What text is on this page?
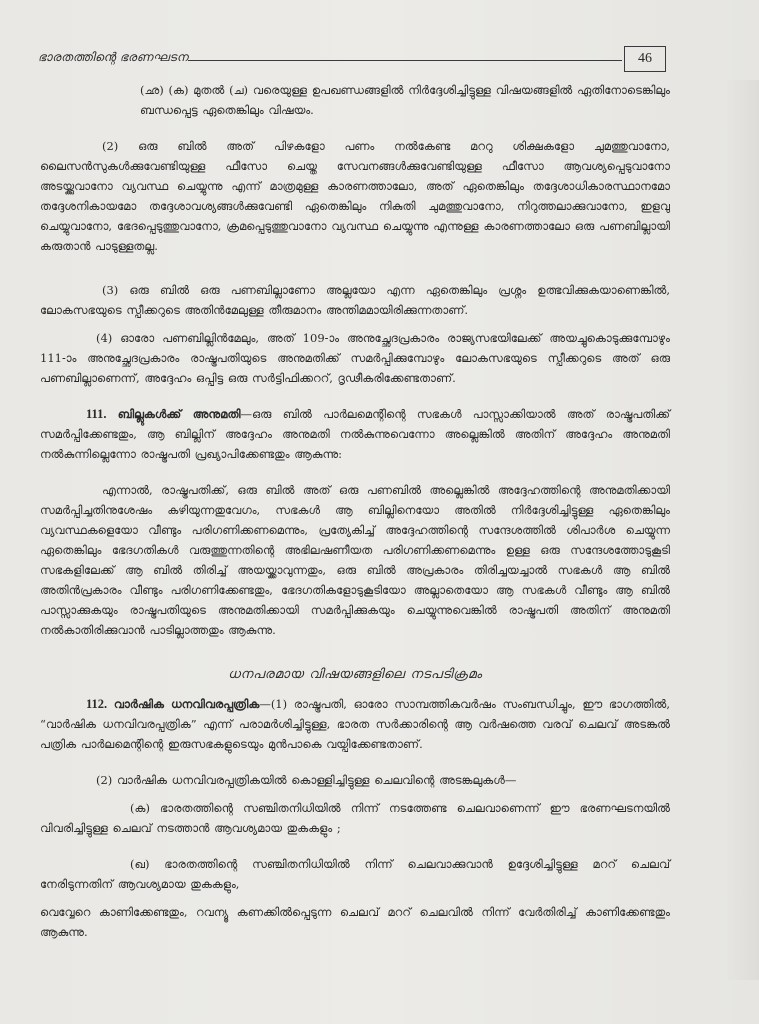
ഭാരതത്തിന്റെ ഭരണഘടന	46

(ഛ) (ക) മുതൽ (ച) വരെയുള്ള ഉപഖണ്ഡങ്ങളിൽ നിർദ്ദേശിച്ചിട്ടുള്ള വിഷയങ്ങളിൽ ഏതിനോടെങ്കിലും ബന്ധപ്പെട്ട ഏതെങ്കിലും വിഷയം.

(2) ഒരു ബിൽ അത് പിഴകളോ പണം നൽകേണ്ട മററു ശിക്ഷകളോ ചുമത്തുവാനോ, ലൈസൻസുകൾക്കുവേണ്ടിയുള്ള ഫീസോ ചെയ്ത സേവനങ്ങൾക്കുവേണ്ടിയുള്ള ഫീസോ ആവശ്യപ്പെടുവാനോ അടയ്ക്കുവാനോ വ്യവസ്ഥ ചെയ്യുന്നു എന്ന് മാത്രമുള്ള കാരണത്താലോ, അത് ഏതെങ്കിലും തദ്ദേശാധികാരസ്ഥാനമോ തദ്ദേശനികായമോ തദ്ദേശാവശ്യങ്ങൾക്കുവേണ്ടി ഏതെങ്കിലും നികുതി ചുമത്തുവാനോ, നിറുത്തലാക്കുവാനോ, ഇളവു ചെയ്യുവാനോ, ഭേദപ്പെടുത്തുവാനോ, ക്രമപ്പെടുത്തുവാനോ വ്യവസ്ഥ ചെയ്യുന്നു എന്നുള്ള കാരണത്താലോ ഒരു പണബില്ലായി കരുതാൻ പാടുള്ളതല്ല.

(3) ഒരു ബിൽ ഒരു പണബില്ലാണോ അല്ലയോ എന്ന ഏതെങ്കിലും പ്രശ്നം ഉത്ഭവിക്കുകയാണെങ്കിൽ, ലോകസഭയുടെ സ്പീക്കറുടെ അതിൻമേലുള്ള തീരുമാനം അന്തിമമായിരിക്കുന്നതാണ്.

(4) ഓരോ പണബില്ലിൻമേലും, അത് 109-ാം അനുച്ഛേദപ്രകാരം രാജ്യസഭയിലേക്ക് അയച്ചുകൊടുക്കുമ്പോഴും 111-ാം അനുച്ഛേദപ്രകാരം രാഷ്ട്രപതിയുടെ അനുമതിക്ക് സമർപ്പിക്കുമ്പോഴും ലോകസഭയുടെ സ്പീക്കറുടെ അത് ഒരു പണബില്ലാണെന്ന്, അദ്ദേഹം ഒപ്പിട്ട ഒരു സർട്ടിഫിക്കററ്, ദൃഢീകരിക്കേണ്ടതാണ്.

111. ബില്ലുകൾക്ക് അനുമതി—ഒരു ബിൽ പാർലമെന്റിന്റെ സഭകൾ പാസ്സാക്കിയാൽ അത് രാഷ്ട്രപതിക്ക് സമർപ്പിക്കേണ്ടതും, ആ ബില്ലിന് അദ്ദേഹം അനുമതി നൽകുന്നുവെന്നോ അല്ലെങ്കിൽ അതിന് അദ്ദേഹം അനുമതി നൽകുന്നില്ലെന്നോ രാഷ്ട്രപതി പ്രഖ്യാപിക്കേണ്ടതും ആകുന്നു:

എന്നാൽ, രാഷ്ട്രപതിക്ക്, ഒരു ബിൽ അത് ഒരു പണബിൽ അല്ലെങ്കിൽ അദ്ദേഹത്തിന്റെ അനുമതിക്കായി സമർപ്പിച്ചതിനുശേഷം കഴിയുന്നതുവേഗം, സഭകൾ ആ ബില്ലിനെയോ അതിൽ നിർദ്ദേശിച്ചിട്ടുള്ള ഏതെങ്കിലും വ്യവസ്ഥകളെയോ വീണ്ടും പരിഗണിക്കണമെന്നും, പ്രത്യേകിച്ച് അദ്ദേഹത്തിന്റെ സന്ദേശത്തിൽ ശിപാർശ ചെയ്യുന്ന ഏതെങ്കിലും ഭേദഗതികൾ വരുത്തുന്നതിന്റെ അഭിലഷണീയത പരിഗണിക്കണമെന്നും ഉള്ള ഒരു സന്ദേശത്തോടുകൂടി സഭകളിലേക്ക് ആ ബിൽ തിരിച്ച് അയയ്ക്കാവുന്നതും, ഒരു ബിൽ അപ്രകാരം തിരിച്ചയച്ചാൽ സഭകൾ ആ ബിൽ അതിൻപ്രകാരം വീണ്ടും പരിഗണിക്കേണ്ടതും, ഭേദഗതികളോടുകൂടിയോ അല്ലാതെയോ ആ സഭകൾ വീണ്ടും ആ ബിൽ പാസ്സാക്കുകയും രാഷ്ട്രപതിയുടെ അനുമതിക്കായി സമർപ്പിക്കുകയും ചെയ്യുന്നുവെങ്കിൽ രാഷ്ട്രപതി അതിന് അനുമതി നൽകാതിരിക്കുവാൻ പാടില്ലാത്തതും ആകുന്നു.

ധനപരമായ വിഷയങ്ങളിലെ നടപടിക്രമം

112. വാർഷിക ധനവിവരപ്പത്രിക—(1) രാഷ്ട്രപതി, ഓരോ സാമ്പത്തികവർഷം സംബന്ധിച്ചും, ഈ ഭാഗത്തിൽ, “വാർഷിക ധനവിവരപ്പത്രിക” എന്ന് പരാമർശിച്ചിട്ടുള്ള, ഭാരത സർക്കാരിന്റെ ആ വർഷത്തെ വരവ് ചെലവ് അടങ്കൽ പത്രിക പാർലമെന്റിന്റെ ഇരുസഭകളുടെയും മുൻപാകെ വയ്പിക്കേണ്ടതാണ്.

(2) വാർഷിക ധനവിവരപ്പത്രികയിൽ കൊള്ളിച്ചിട്ടുള്ള ചെലവിന്റെ അടങ്കലുകൾ—

(ക) ഭാരതത്തിന്റെ സഞ്ചിതനിധിയിൽ നിന്ന് നടത്തേണ്ട ചെലവാണെന്ന് ഈ ഭരണഘടനയിൽ വിവരിച്ചിട്ടുള്ള ചെലവ് നടത്താൻ ആവശ്യമായ തുകകളും ;

(ഖ) ഭാരതത്തിന്റെ സഞ്ചിതനിധിയിൽ നിന്ന് ചെലവാക്കുവാൻ ഉദ്ദേശിച്ചിട്ടുള്ള മററ് ചെലവ് നേരിടുന്നതിന് ആവശ്യമായ തുകകളും,

വെവ്വേറെ കാണിക്കേണ്ടതും, റവന്യൂ കണക്കിൽപ്പെടുന്ന ചെലവ് മററ് ചെലവിൽ നിന്ന് വേർതിരിച്ച് കാണിക്കേണ്ടതും ആകുന്നു.
